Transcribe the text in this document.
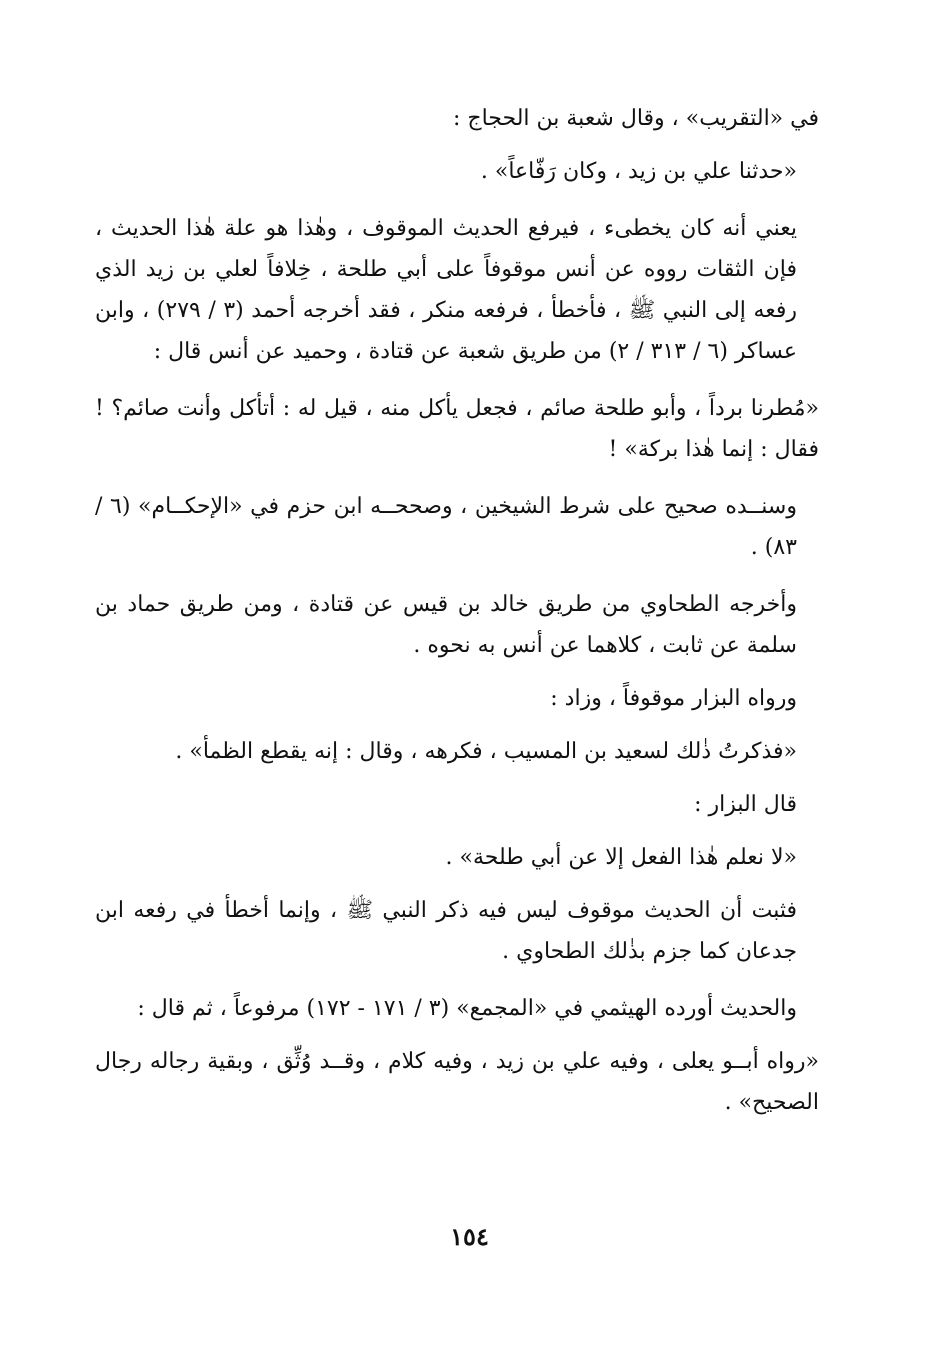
في «التقريب» ، وقال شعبة بن الحجاج :

«حدثنا علي بن زيد ، وكان رَفّاعاً» .

يعني أنه كان يخطىء ، فيرفع الحديث الموقوف ، وهٰذا هو علة هٰذا الحديث ، فإن الثقات رووه عن أنس موقوفاً على أبي طلحة ، خِلافاً لعلي بن زيد الذي رفعه إلى النبي ﷺ ، فأخطأ ، فرفعه منكر ، فقد أخرجه أحمد (٣ / ٢٧٩) ، وابن عساكر (٦ / ٣١٣ / ٢) من طريق شعبة عن قتادة ، وحميد عن أنس قال :

«مُطرنا برداً ، وأبو طلحة صائم ، فجعل يأكل منه ، قيل له : أتأكل وأنت صائم؟ ! فقال : إنما هٰذا بركة» !

وسنــده صحيح على شرط الشيخين ، وصححــه ابن حزم في «الإحكــام» (٦ / ٨٣) .

وأخرجه الطحاوي من طريق خالد بن قيس عن قتادة ، ومن طريق حماد بن سلمة عن ثابت ، كلاهما عن أنس به نحوه .

ورواه البزار موقوفاً ، وزاد :

«فذكرتُ ذٰلك لسعيد بن المسيب ، فكرهه ، وقال : إنه يقطع الظمأ» .

قال البزار :

«لا نعلم هٰذا الفعل إلا عن أبي طلحة» .

فثبت أن الحديث موقوف ليس فيه ذكر النبي ﷺ ، وإنما أخطأ في رفعه ابن جدعان كما جزم بذٰلك الطحاوي .

والحديث أورده الهيثمي في «المجمع» (٣ / ١٧١ - ١٧٢) مرفوعاً ، ثم قال :

«رواه أبــو يعلى ، وفيه علي بن زيد ، وفيه كلام ، وقــد وُثِّق ، وبقية رجاله رجال الصحيح» .

١٥٤
